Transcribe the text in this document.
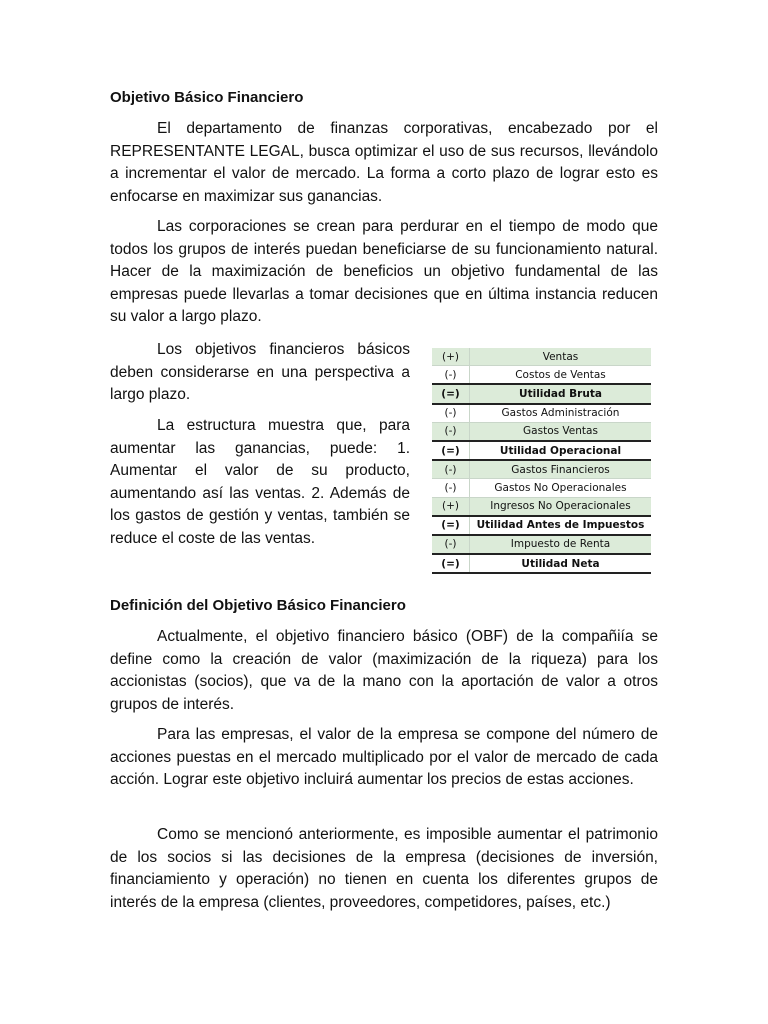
Objetivo Básico Financiero

El departamento de finanzas corporativas, encabezado por el REPRESENTANTE LEGAL, busca optimizar el uso de sus recursos, llevándolo a incrementar el valor de mercado. La forma a corto plazo de lograr esto es enfocarse en maximizar sus ganancias.

Las corporaciones se crean para perdurar en el tiempo de modo que todos los grupos de interés puedan beneficiarse de su funcionamiento natural. Hacer de la maximización de beneficios un objetivo fundamental de las empresas puede llevarlas a tomar decisiones que en última instancia reducen su valor a largo plazo.

Los objetivos financieros básicos deben considerarse en una perspectiva a largo plazo.

La estructura muestra que, para aumentar las ganancias, puede: 1. Aumentar el valor de su producto, aumentando así las ventas. 2. Además de los gastos de gestión y ventas, también se reduce el coste de las ventas.

(+)	Ventas
(-)	Costos de Ventas
(=)	Utilidad Bruta
(-)	Gastos Administración
(-)	Gastos Ventas
(=)	Utilidad Operacional
(-)	Gastos Financieros
(-)	Gastos No Operacionales
(+)	Ingresos No Operacionales
(=)	Utilidad Antes de Impuestos
(-)	Impuesto de Renta
(=)	Utilidad Neta
Definición del Objetivo Básico Financiero

Actualmente, el objetivo financiero básico (OBF) de la compañiía se define como la creación de valor (maximización de la riqueza) para los accionistas (socios), que va de la mano con la aportación de valor a otros grupos de interés.

Para las empresas, el valor de la empresa se compone del número de acciones puestas en el mercado multiplicado por el valor de mercado de cada acción. Lograr este objetivo incluirá aumentar los precios de estas acciones.

Como se mencionó anteriormente, es imposible aumentar el patrimonio de los socios si las decisiones de la empresa (decisiones de inversión, financiamiento y operación) no tienen en cuenta los diferentes grupos de interés de la empresa (clientes, proveedores, competidores, países, etc.)
